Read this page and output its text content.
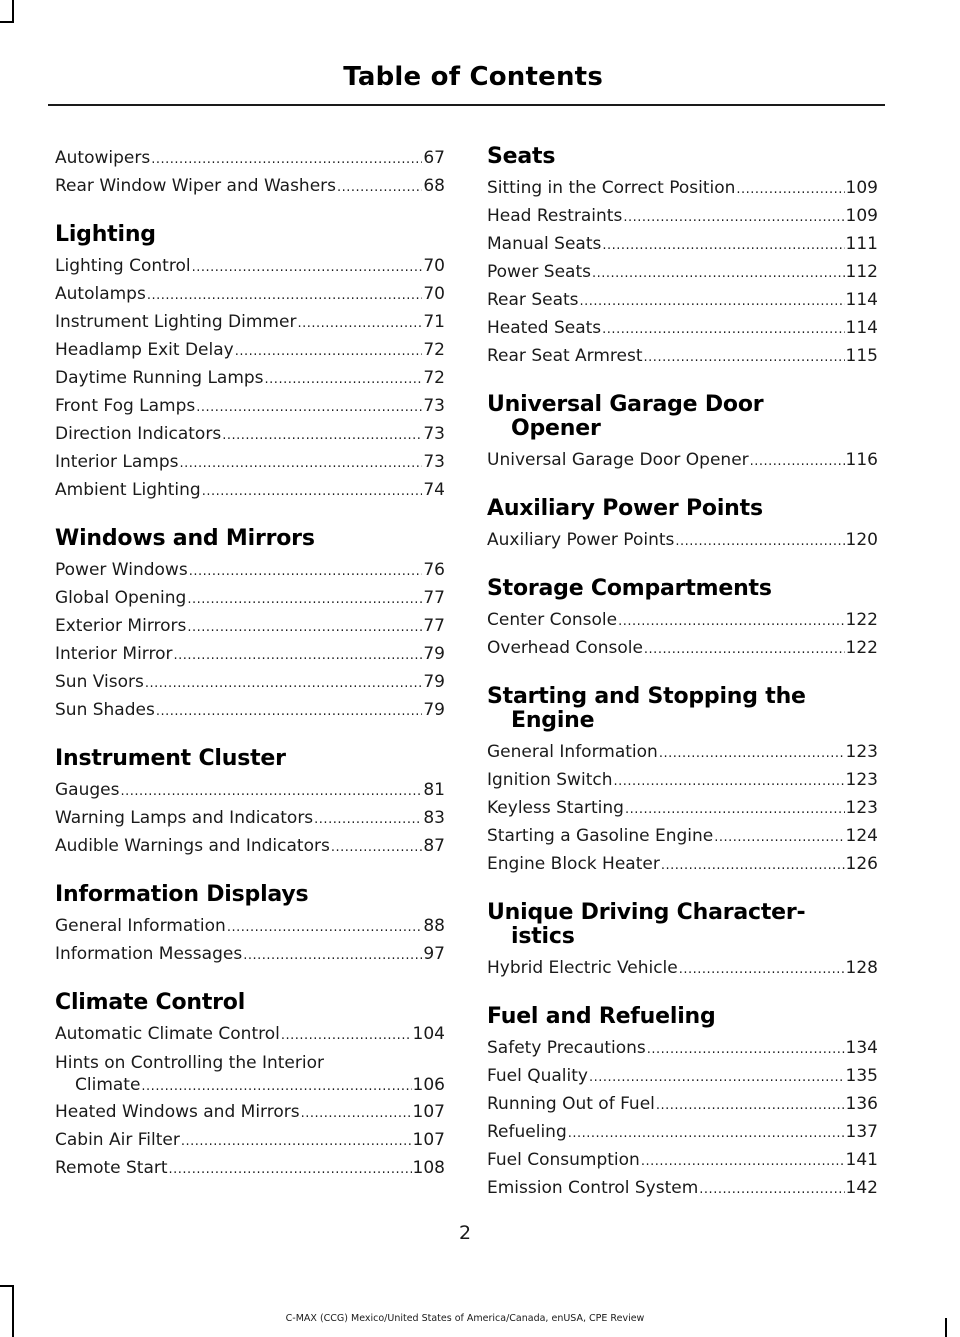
Table of Contents
Autowipers .....	67
Rear Window Wiper and Washers .....	68
Lighting
Lighting Control .....	70
Autolamps .....	70
Instrument Lighting Dimmer .....	71
Headlamp Exit Delay .....	72
Daytime Running Lamps .....	72
Front Fog Lamps .....	73
Direction Indicators .....	73
Interior Lamps .....	73
Ambient Lighting .....	74
Windows and Mirrors
Power Windows .....	76
Global Opening .....	77
Exterior Mirrors .....	77
Interior Mirror .....	79
Sun Visors .....	79
Sun Shades .....	79
Instrument Cluster
Gauges .....	81
Warning Lamps and Indicators .....	83
Audible Warnings and Indicators .....	87
Information Displays
General Information .....	88
Information Messages .....	97
Climate Control
Automatic Climate Control .....	104
Hints on Controlling the Interior
Climate .....	106
Heated Windows and Mirrors .....	107
Cabin Air Filter .....	107
Remote Start .....	108
Seats
Sitting in the Correct Position .....	109
Head Restraints .....	109
Manual Seats .....	111
Power Seats .....	112
Rear Seats .....	114
Heated Seats .....	114
Rear Seat Armrest .....	115
Universal Garage Door
Opener
Universal Garage Door Opener .....	116
Auxiliary Power Points
Auxiliary Power Points .....	120
Storage Compartments
Center Console .....	122
Overhead Console .....	122
Starting and Stopping the
Engine
General Information .....	123
Ignition Switch .....	123
Keyless Starting .....	123
Starting a Gasoline Engine .....	124
Engine Block Heater .....	126
Unique Driving Character-
istics
Hybrid Electric Vehicle .....	128
Fuel and Refueling
Safety Precautions .....	134
Fuel Quality .....	135
Running Out of Fuel .....	136
Refueling .....	137
Fuel Consumption .....	141
Emission Control System .....	142
2
C-MAX (CCG) Mexico/United States of America/Canada, enUSA, CPE Review
